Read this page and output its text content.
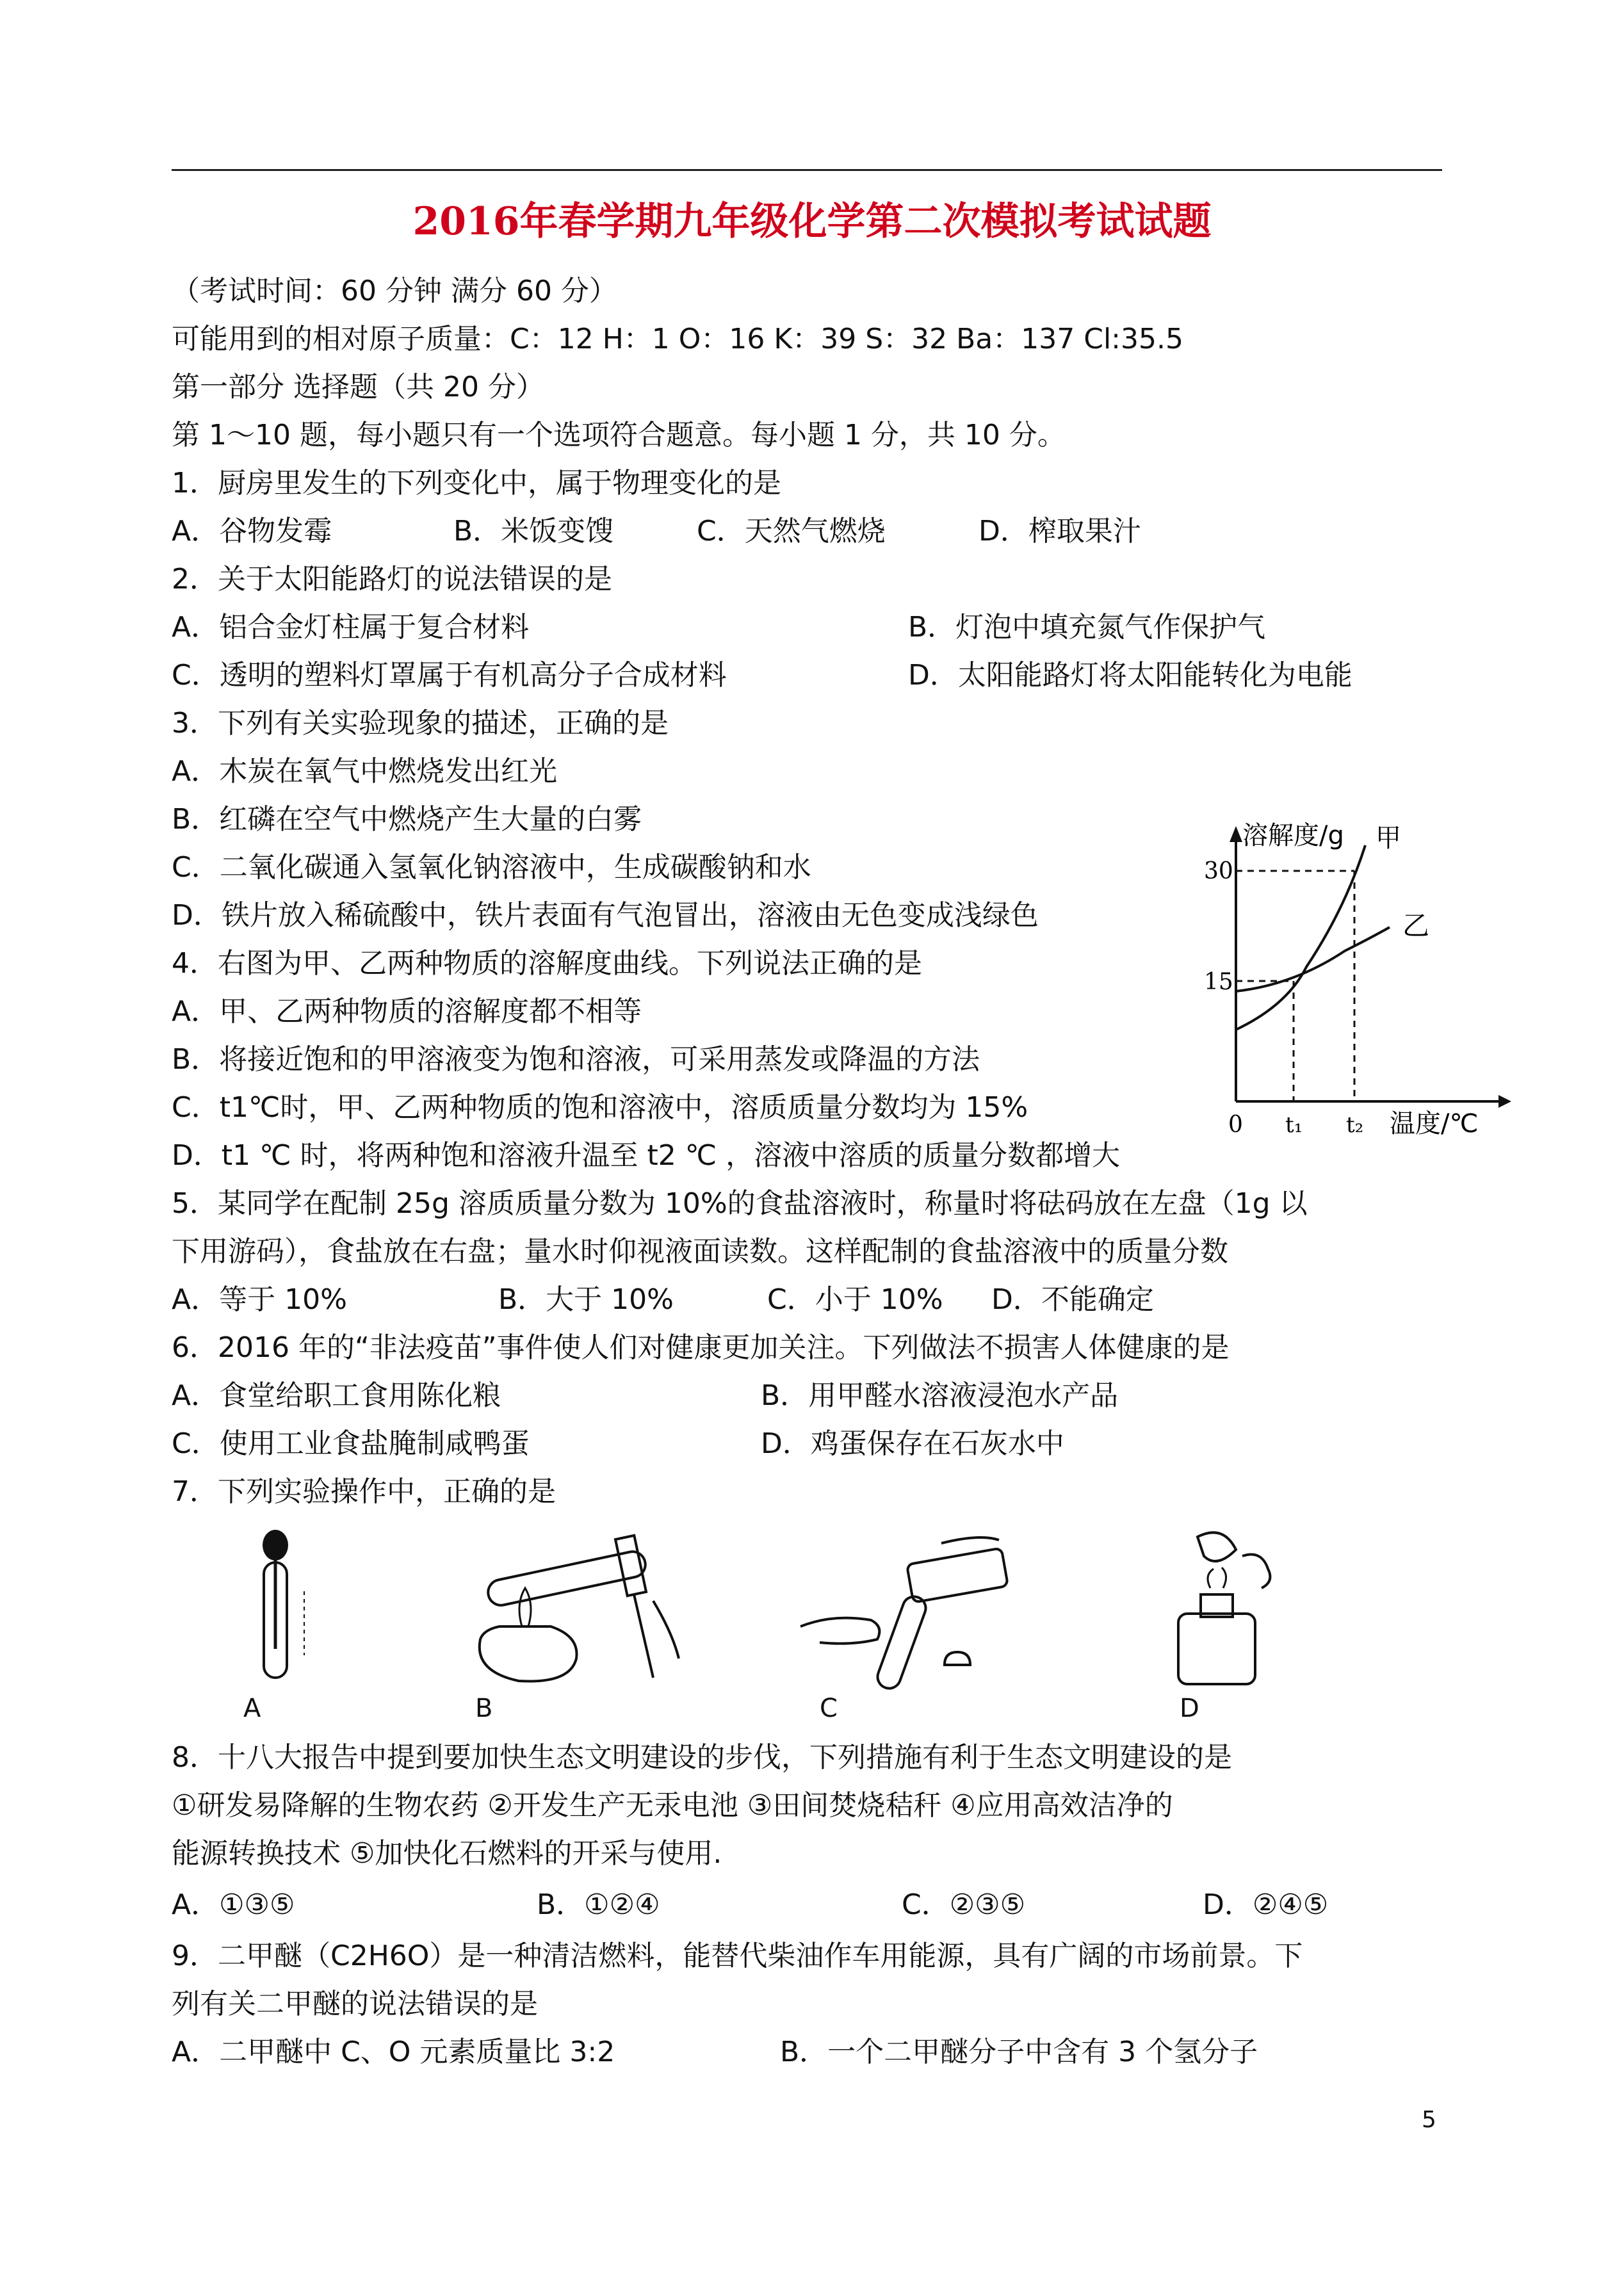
2016年春学期九年级化学第二次模拟考试试题
（考试时间：60 分钟 满分 60 分）
可能用到的相对原子质量：C：12 H：1 O：16 K：39 S：32 Ba：137 Cl:35.5
第一部分 选择题（共 20 分）
第 1～10 题，每小题只有一个选项符合题意。每小题 1 分，共 10 分。
1．厨房里发生的下列变化中，属于物理变化的是
A．谷物发霉	B．米饭变馊	C．天然气燃烧	D．榨取果汁
2．关于太阳能路灯的说法错误的是
A．铝合金灯柱属于复合材料	B．灯泡中填充氮气作保护气
C．透明的塑料灯罩属于有机高分子合成材料	D．太阳能路灯将太阳能转化为电能
3．下列有关实验现象的描述，正确的是
A．木炭在氧气中燃烧发出红光
B．红磷在空气中燃烧产生大量的白雾
C．二氧化碳通入氢氧化钠溶液中，生成碳酸钠和水
D．铁片放入稀硫酸中，铁片表面有气泡冒出，溶液由无色变成浅绿色
4．右图为甲、乙两种物质的溶解度曲线。下列说法正确的是
A．甲、乙两种物质的溶解度都不相等
B．将接近饱和的甲溶液变为饱和溶液，可采用蒸发或降温的方法
C．t1℃时，甲、乙两种物质的饱和溶液中，溶质质量分数均为 15%
D．t1 ℃ 时，将两种饱和溶液升温至 t2 ℃ ，溶液中溶质的质量分数都增大
溶解度/g 甲
乙
30
15
0 t₁ t₂ 温度/℃
5．某同学在配制 25g 溶质质量分数为 10%的食盐溶液时，称量时将砝码放在左盘（1g 以
下用游码），食盐放在右盘；量水时仰视液面读数。这样配制的食盐溶液中的质量分数
A．等于 10%	B．大于 10%	C．小于 10% D．不能确定
6．2016 年的“非法疫苗”事件使人们对健康更加关注。下列做法不损害人体健康的是
A．食堂给职工食用陈化粮	B．用甲醛水溶液浸泡水产品
C．使用工业食盐腌制咸鸭蛋	D．鸡蛋保存在石灰水中
7．下列实验操作中，正确的是
A	B	C	D
8．十八大报告中提到要加快生态文明建设的步伐，下列措施有利于生态文明建设的是
①研发易降解的生物农药 ②开发生产无汞电池 ③田间焚烧秸秆 ④应用高效洁净的
能源转换技术 ⑤加快化石燃料的开采与使用.
A．①③⑤	B．①②④	C．②③⑤	D．②④⑤
9．二甲醚（C2H6O）是一种清洁燃料，能替代柴油作车用能源，具有广阔的市场前景。下
列有关二甲醚的说法错误的是
A．二甲醚中 C、O 元素质量比 3:2	B．一个二甲醚分子中含有 3 个氢分子
5
